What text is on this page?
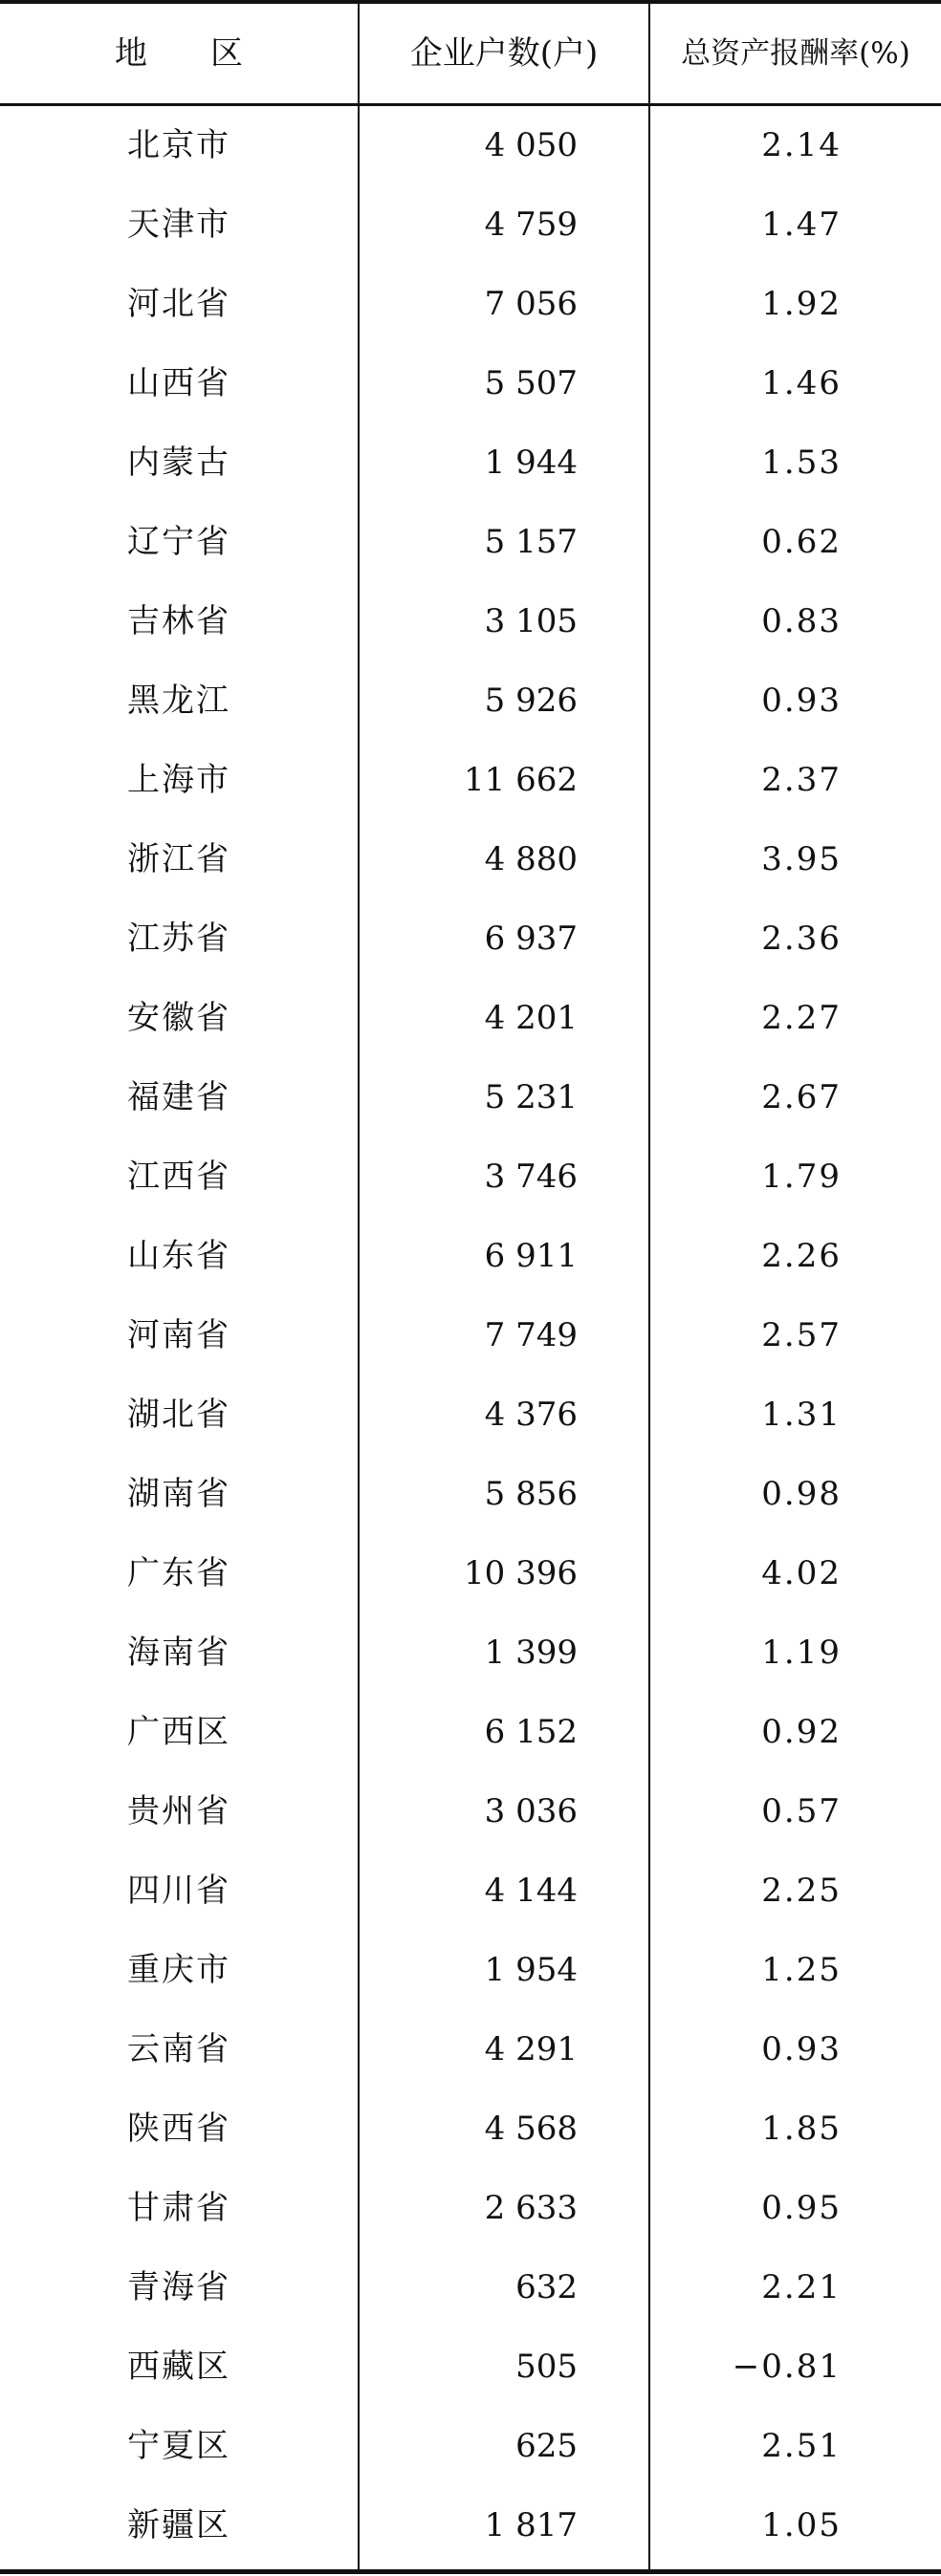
地区	企业户数(户)	总资产报酬率(%)
北京市	4 050	2.14
天津市	4 759	1.47
河北省	7 056	1.92
山西省	5 507	1.46
内蒙古	1 944	1.53
辽宁省	5 157	0.62
吉林省	3 105	0.83
黑龙江	5 926	0.93
上海市	11 662	2.37
浙江省	4 880	3.95
江苏省	6 937	2.36
安徽省	4 201	2.27
福建省	5 231	2.67
江西省	3 746	1.79
山东省	6 911	2.26
河南省	7 749	2.57
湖北省	4 376	1.31
湖南省	5 856	0.98
广东省	10 396	4.02
海南省	1 399	1.19
广西区	6 152	0.92
贵州省	3 036	0.57
四川省	4 144	2.25
重庆市	1 954	1.25
云南省	4 291	0.93
陕西省	4 568	1.85
甘肃省	2 633	0.95
青海省	632	2.21
西藏区	505	−0.81
宁夏区	625	2.51
新疆区	1 817	1.05
